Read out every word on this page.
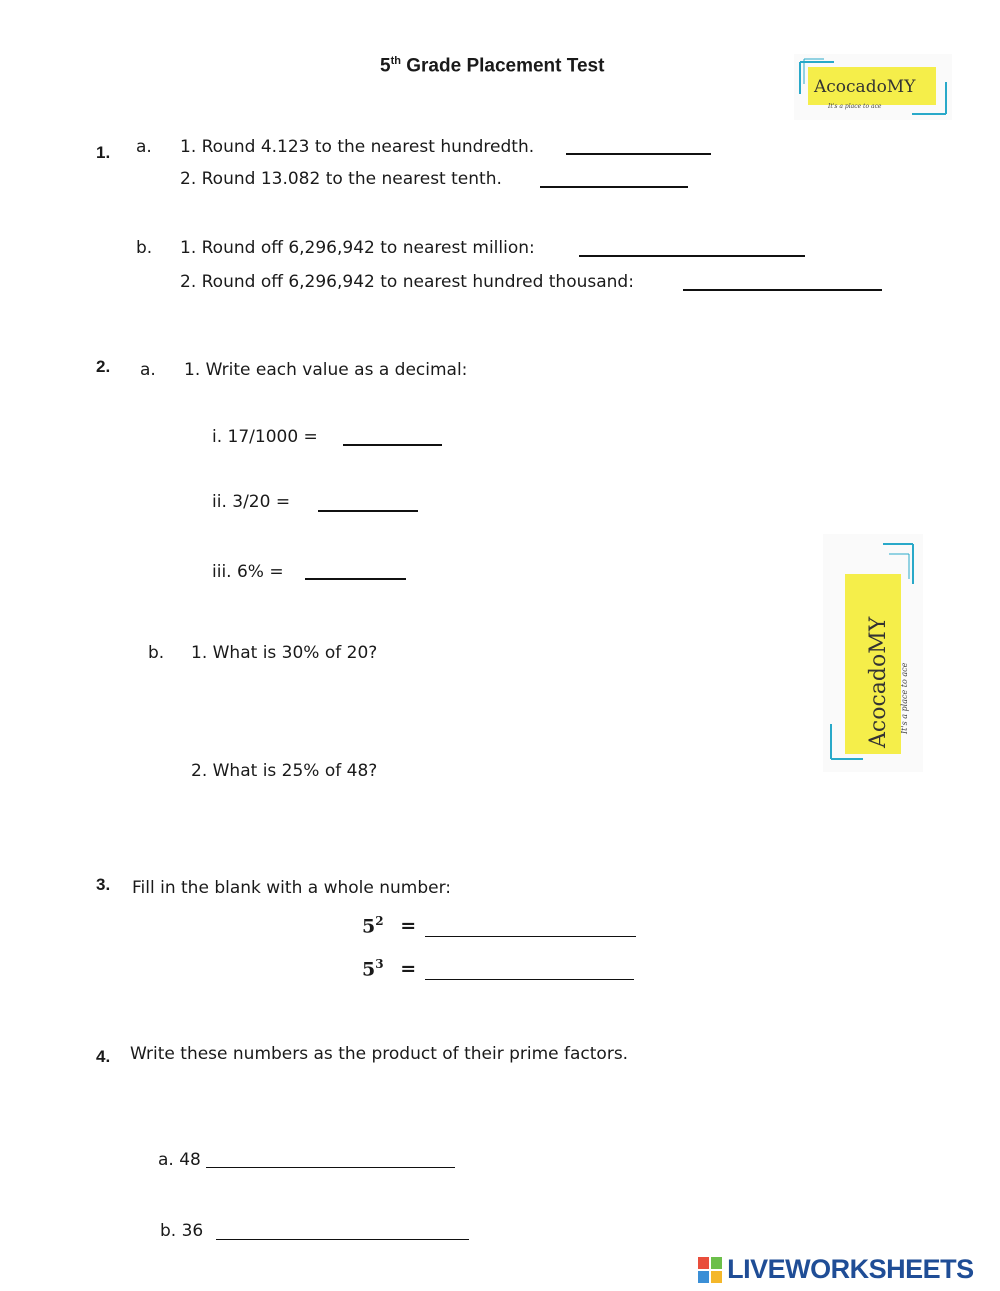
5th Grade Placement Test
AcocadoMY
It's a place to ace
1. a. 1. Round 4.123 to the nearest hundredth.
2. Round 13.082 to the nearest tenth.
b. 1. Round off 6,296,942 to nearest million:
2. Round off 6,296,942 to nearest hundred thousand:
2. a. 1. Write each value as a decimal:
i. 17/1000 =
ii. 3/20 =
iii. 6% =
AcocadoMY It's a place to ace
b. 1. What is 30% of 20?
2. What is 25% of 48?
3. Fill in the blank with a whole number:
$5^2$ =
$5^3$ =
4. Write these numbers as the product of their prime factors.
a. 48
b. 36
LIVEWORKSHEETS
